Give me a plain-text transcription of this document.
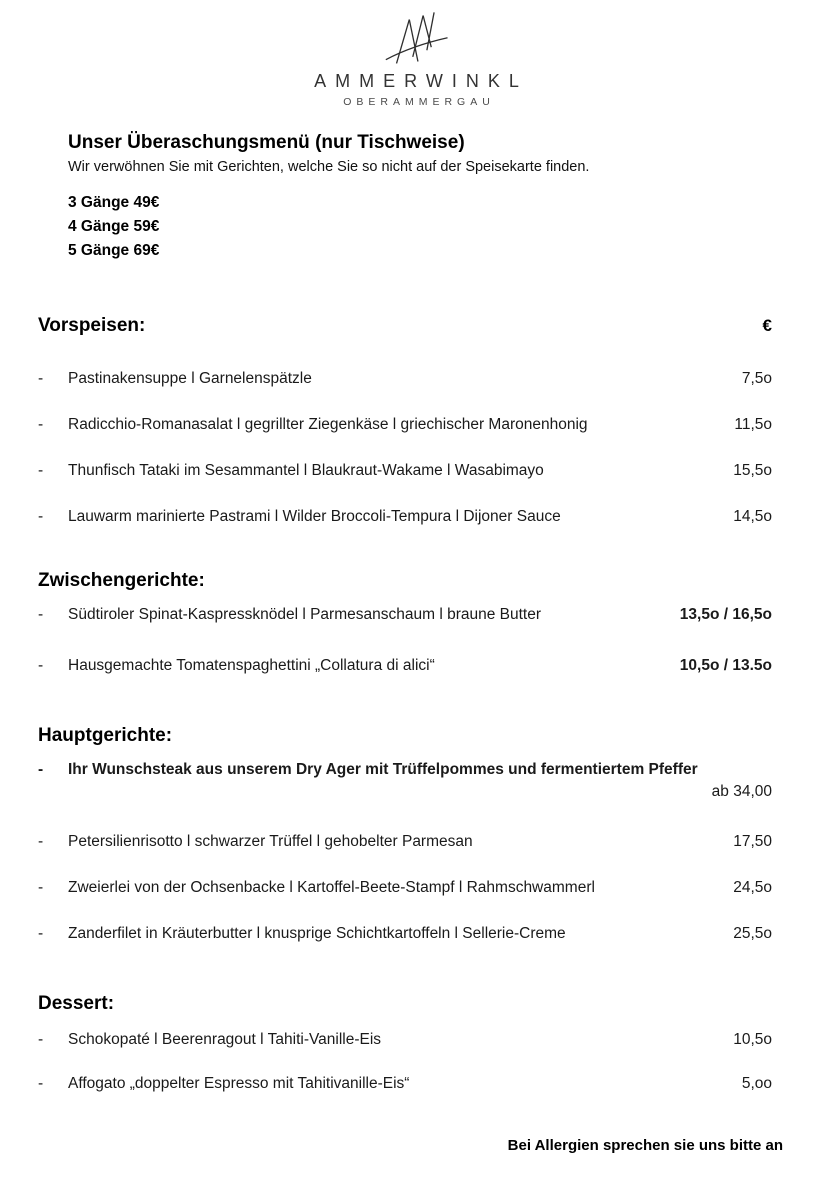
AMMERWINKL
OBERAMMERGAU
Unser Überaschungsmenü (nur Tischweise)

Wir verwöhnen Sie mit Gerichten, welche Sie so nicht auf der Speisekarte finden.

3 Gänge 49€
4 Gänge 59€
5 Gänge 69€
Vorspeisen:	€
-	Pastinakensuppe l Garnelenspätzle	7,5o
-	Radicchio-Romanasalat l gegrillter Ziegenkäse l griechischer Maronenhonig	11,5o
-	Thunfisch Tataki im Sesammantel l Blaukraut-Wakame l Wasabimayo	15,5o
-	Lauwarm marinierte Pastrami l Wilder Broccoli-Tempura l Dijoner Sauce	14,5o
Zwischengerichte:
-	Südtiroler Spinat-Kaspressknödel l Parmesanschaum l braune Butter	13,5o / 16,5o
-	Hausgemachte Tomatenspaghettini „Collatura di alici“	10,5o / 13.5o
Hauptgerichte:
-	Ihr Wunschsteak aus unserem Dry Ager mit Trüffelpommes und fermentiertem Pfeffer
ab 34,00
-	Petersilienrisotto l schwarzer Trüffel l gehobelter Parmesan	17,50
-	Zweierlei von der Ochsenbacke l Kartoffel-Beete-Stampf l Rahmschwammerl	24,5o
-	Zanderfilet in Kräuterbutter l knusprige Schichtkartoffeln l Sellerie-Creme	25,5o
Dessert:
-	Schokopaté l Beerenragout l Tahiti-Vanille-Eis	10,5o
-	Affogato „doppelter Espresso mit Tahitivanille-Eis“	5,oo
Bei Allergien sprechen sie uns bitte an
